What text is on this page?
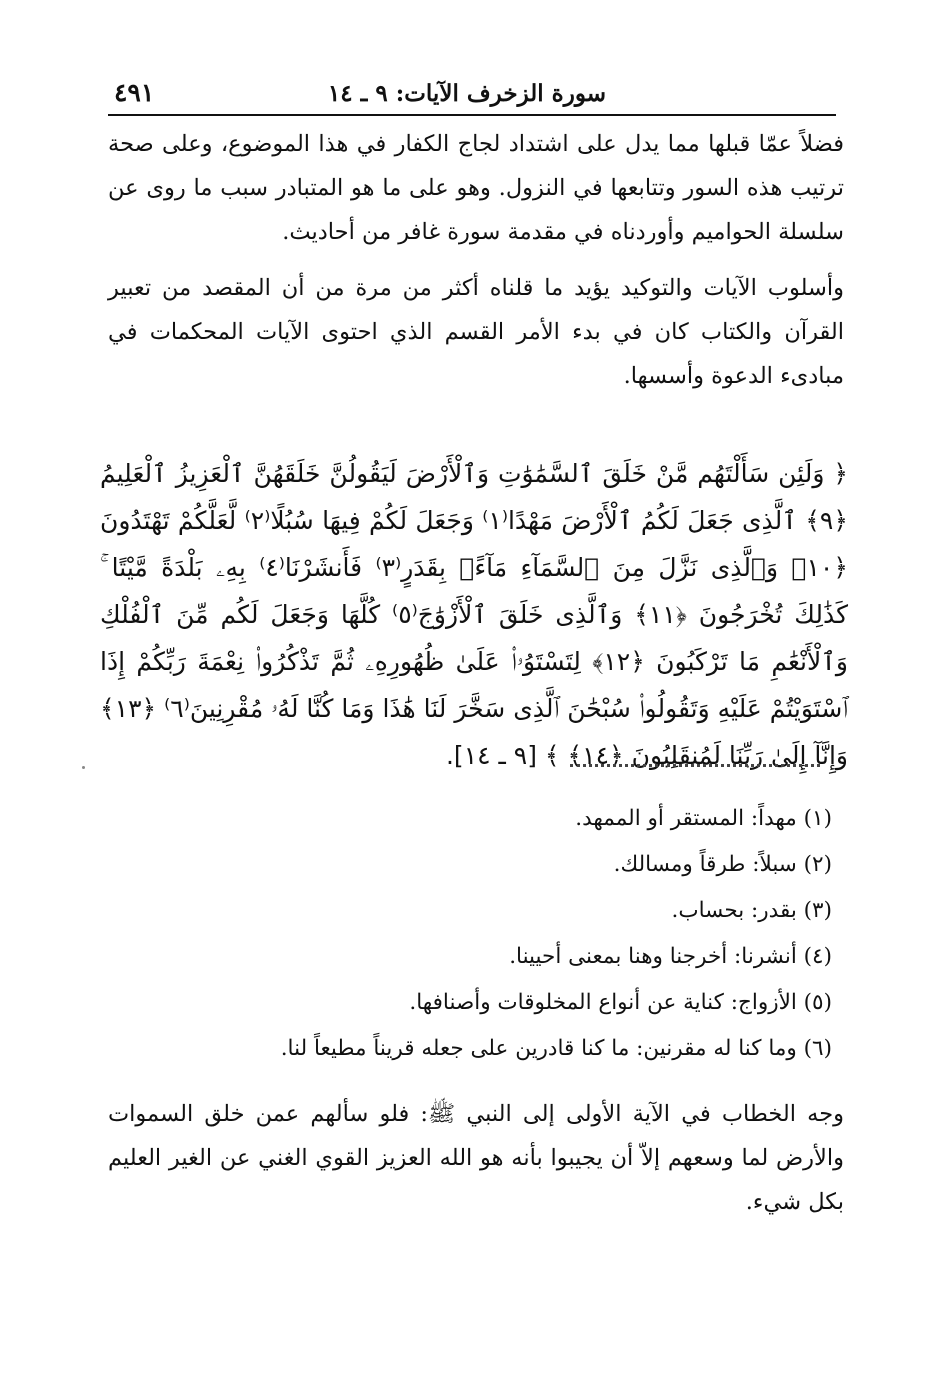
سورة الزخرف الآيات: ٩ ـ ١٤
٤٩١

فضلاً عمّا قبلها مما يدل على اشتداد لجاج الكفار في هذا الموضوع، وعلى صحة ترتيب هذه السور وتتابعها في النزول. وهو على ما هو المتبادر سبب ما روى عن سلسلة الحواميم وأوردناه في مقدمة سورة غافر من أحاديث.

وأسلوب الآيات والتوكيد يؤيد ما قلناه أكثر من مرة من أن المقصد من تعبير القرآن والكتاب كان في بدء الأمر القسم الذي احتوى الآيات المحكمات في مبادىء الدعوة وأسسها.

﴿ وَلَئِن سَأَلْتَهُم مَّنْ خَلَقَ ٱلسَّمَٰوَٰتِ وَٱلْأَرْضَ لَيَقُولُنَّ خَلَقَهُنَّ ٱلْعَزِيزُ ٱلْعَلِيمُ ﴿٩﴾ ٱلَّذِى جَعَلَ لَكُمُ ٱلْأَرْضَ مَهْدًا⁽١⁾ وَجَعَلَ لَكُمْ فِيهَا سُبُلًا⁽٢⁾ لَّعَلَّكُمْ تَهْتَدُونَ ﴿١٠﴾ وَٱلَّذِى نَزَّلَ مِنَ ٱلسَّمَآءِ مَآءًۢ بِقَدَرٍ⁽٣⁾ فَأَنشَرْنَا⁽٤⁾ بِهِۦ بَلْدَةً مَّيْتًا ۚ كَذَٰلِكَ تُخْرَجُونَ ﴿١١﴾ وَٱلَّذِى خَلَقَ ٱلْأَزْوَٰجَ⁽٥⁾ كُلَّهَا وَجَعَلَ لَكُم مِّنَ ٱلْفُلْكِ وَٱلْأَنْعَٰمِ مَا تَرْكَبُونَ ﴿١٢﴾ لِتَسْتَوُۥا۟ عَلَىٰ ظُهُورِهِۦ ثُمَّ تَذْكُرُوا۟ نِعْمَةَ رَبِّكُمْ إِذَا ٱسْتَوَيْتُمْ عَلَيْهِ وَتَقُولُوا۟ سُبْحَٰنَ ٱلَّذِى سَخَّرَ لَنَا هَٰذَا وَمَا كُنَّا لَهُۥ مُقْرِنِينَ⁽٦⁾ ﴿١٣﴾ وَإِنَّآ إِلَىٰ رَبِّنَا لَمُنقَلِبُونَ ﴿١٤﴾ ﴾ [٩ ـ ١٤].

(١) مهداً: المستقر أو الممهد.
(٢) سبلاً: طرقاً ومسالك.
(٣) بقدر: بحساب.
(٤) أنشرنا: أخرجنا وهنا بمعنى أحيينا.
(٥) الأزواج: كناية عن أنواع المخلوقات وأصنافها.
(٦) وما كنا له مقرنين: ما كنا قادرين على جعله قريناً مطيعاً لنا.

وجه الخطاب في الآية الأولى إلى النبي ﷺ: فلو سألهم عمن خلق السموات والأرض لما وسعهم إلاّ أن يجيبوا بأنه هو الله العزيز القوي الغني عن الغير العليم بكل شيء.
